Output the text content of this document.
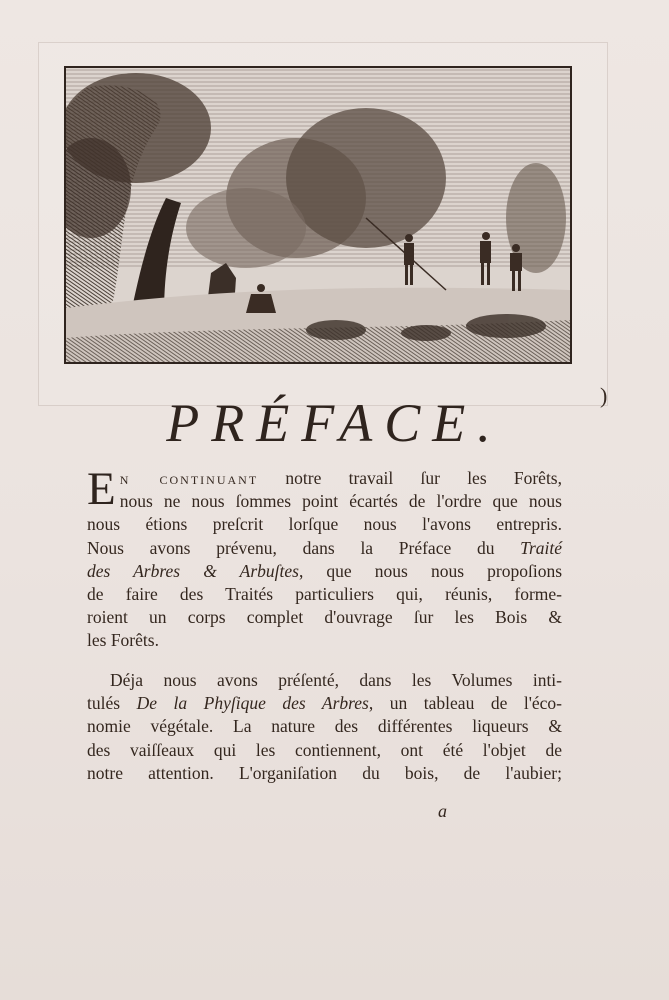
)
PRÉFACE.
En continuant notre travail ſur les Forêts,
nous ne nous ſommes point écartés de l'ordre que nous
nous étions preſcrit lorſque nous l'avons entrepris.
Nous avons prévenu, dans la Préface du Traité
des Arbres & Arbuſtes, que nous nous propoſions
de faire des Traités particuliers qui, réunis, forme-
roient un corps complet d'ouvrage ſur les Bois &
les Forêts.
Déja nous avons préſenté, dans les Volumes inti-
tulés De la Phyſique des Arbres, un tableau de l'éco-
nomie végétale. La nature des différentes liqueurs &
des vaiſſeaux qui les contiennent, ont été l'objet de
notre attention. L'organiſation du bois, de l'aubier;
a
